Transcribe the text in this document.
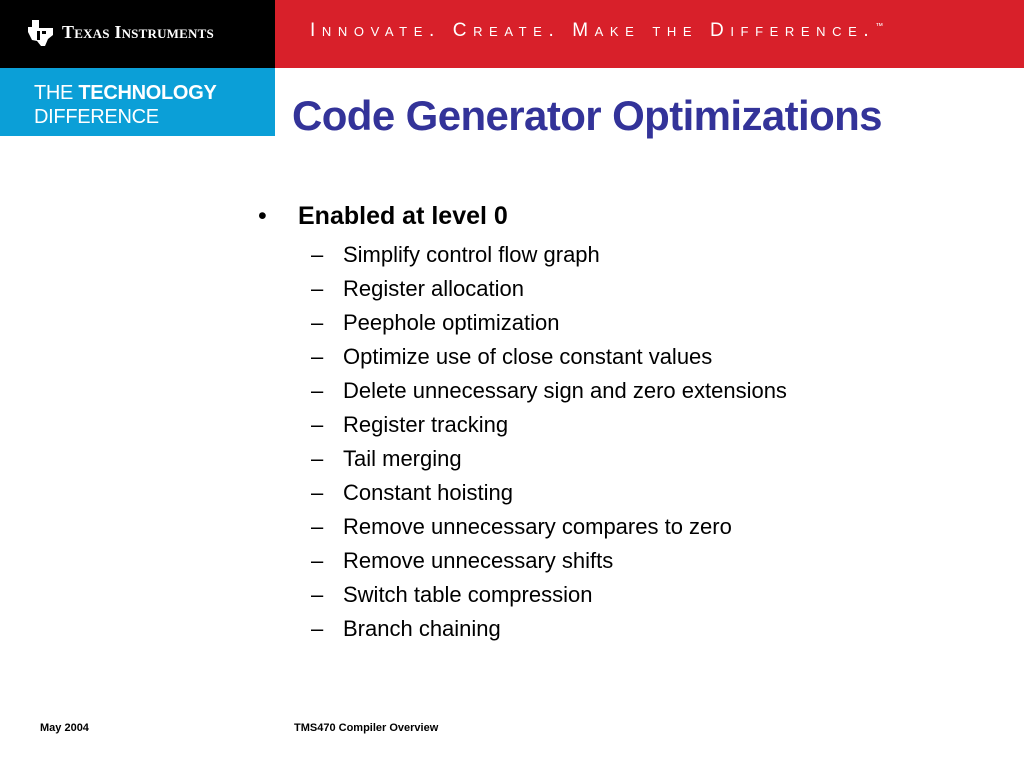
Texas Instruments	Innovate. Create. Make the Difference.™
THE TECHNOLOGY
DIFFERENCE	Code Generator Optimizations
• Enabled at level 0
– Simplify control flow graph
– Register allocation
– Peephole optimization
– Optimize use of close constant values
– Delete unnecessary sign and zero extensions
– Register tracking
– Tail merging
– Constant hoisting
– Remove unnecessary compares to zero
– Remove unnecessary shifts
– Switch table compression
– Branch chaining
May 2004	TMS470 Compiler Overview
